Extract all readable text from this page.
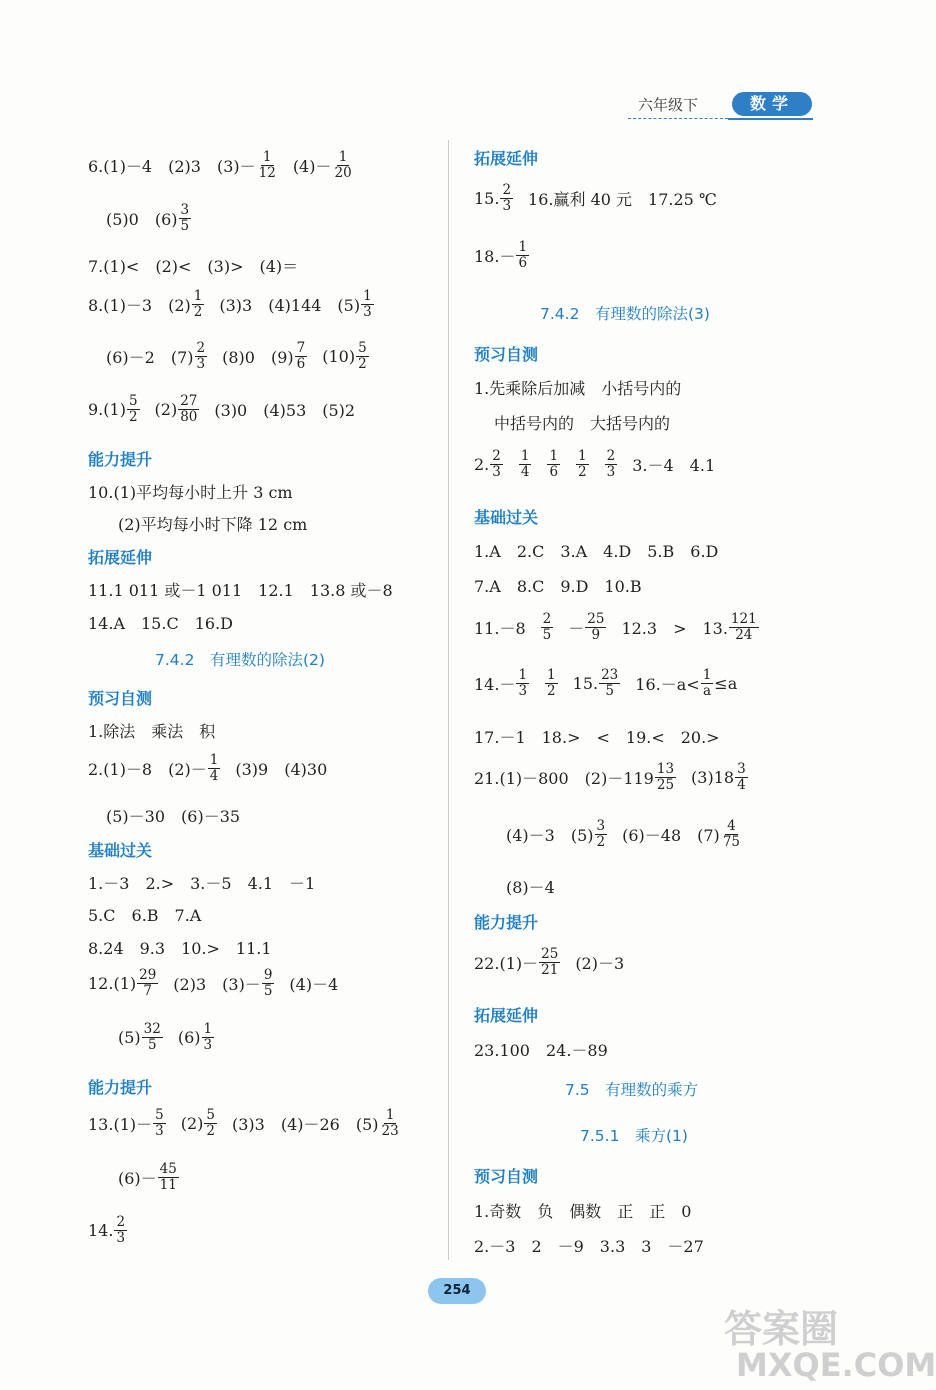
六年级下	数学
6.(1)－4　(2)3　$(3)- \frac{1}{12} (4)- \frac{1}{20}$
(5)0　$(6) \frac{3}{5}$
7.(1)<　(2)<　(3)>　(4)＝
8.(1)－3　$(2) \frac{1}{2} (3)3$　(4)144　$(5) \frac{1}{3}$
(6)－2　$(7) \frac{2}{3} (8)0$　$(9) \frac{7}{6} (10) \frac{5}{2}$
$9.(1) \frac{5}{2} (2) \frac{27}{80} (3)0$　(4)53　(5)2
能力提升
10.(1)平均每小时上升 3 cm
(2)平均每小时下降 12 cm
拓展延伸
11.1 011 或－1 011　12.1　13.8 或－8
14.A　15.C　16.D
7.4.2　有理数的除法(2)
预习自测
1.除法　乘法　积
2.(1)－8　$(2)- \frac{1}{4} (3)9$　(4)30
(5)－30　(6)－35
基础过关
1.－3　2.>　3.－5　4.1　－1
5.C　6.B　7.A
8.24　9.3　10.>　11.1
$12.(1) \frac{29}{7} (2)3$　$(3)- \frac{9}{5} (4)-4$
$(5) \frac{32}{5} (6) \frac{1}{3}$
能力提升
$13.(1)- \frac{5}{3} (2) \frac{5}{2} (3)3$　(4)－26　$(5) \frac{1}{23}$
$(6)- \frac{45}{11}$
14. $\frac{2}{3}$
拓展延伸
15. $\frac{2}{3} 16$.赢利 40 元　17.25 ℃
$18.- \frac{1}{6}$
7.4.2　有理数的除法(3)
预习自测
1.先乘除后加减　小括号内的
中括号内的　大括号内的
2. $\frac{2}{3} \frac{1}{4} \frac{1}{6} \frac{1}{2} \frac{2}{3} 3.-4$　4.1
基础过关
1.A　2.C　3.A　4.D　5.B　6.D
7.A　8.C　9.D　10.B
$11.-8 \frac{2}{5} - \frac{25}{9} 12.3$　>　13. $\frac{121}{24}$
$14.- \frac{1}{3} \frac{1}{2} 15$. $\frac{23}{5} 16.-a< \frac{1}{a} \le a$
17.－1　18.>　<　19.<　20.>
21.(1)－800　$(2)-119 \frac{13}{25} (3)18 \frac{3}{4}$
(4)－3　$(5) \frac{3}{2} (6)-48$　$(7) \frac{4}{75}$
(8)－4
能力提升
$22.(1)- \frac{25}{21} (2)-3$
拓展延伸
23.100　24.－89
7.5　有理数的乘方
7.5.1　乘方(1)
预习自测
1.奇数　负　偶数　正　正　0
2.－3　2　－9　3.3　3　－27
254
答案圈
MXQE.COM
